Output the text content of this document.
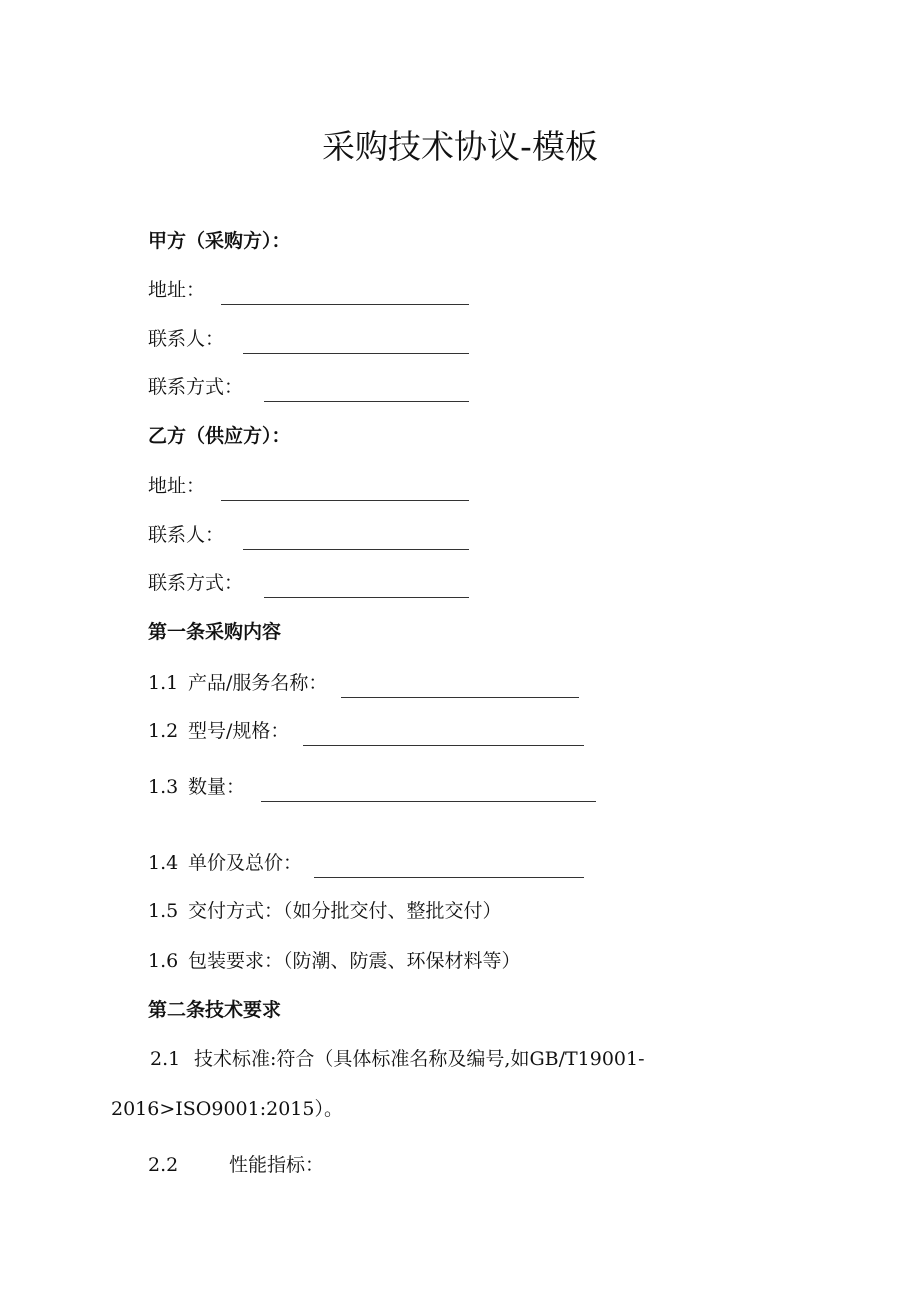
采购技术协议-模板
甲方（采购方）：
地址：
联系人：
联系方式：
乙方（供应方）：
地址：
联系人：
联系方式：
第一条采购内容
1.1 产品/服务名称：
1.2 型号/规格：
1.3 数量：
1.4 单价及总价：
1.5 交付方式：（如分批交付、整批交付）
1.6 包装要求：（防潮、防震、环保材料等）
第二条技术要求
2.1 技术标准:符合（具体标准名称及编号,如GB/T19001-
2016>ISO9001:2015）。
2.2	性能指标：
